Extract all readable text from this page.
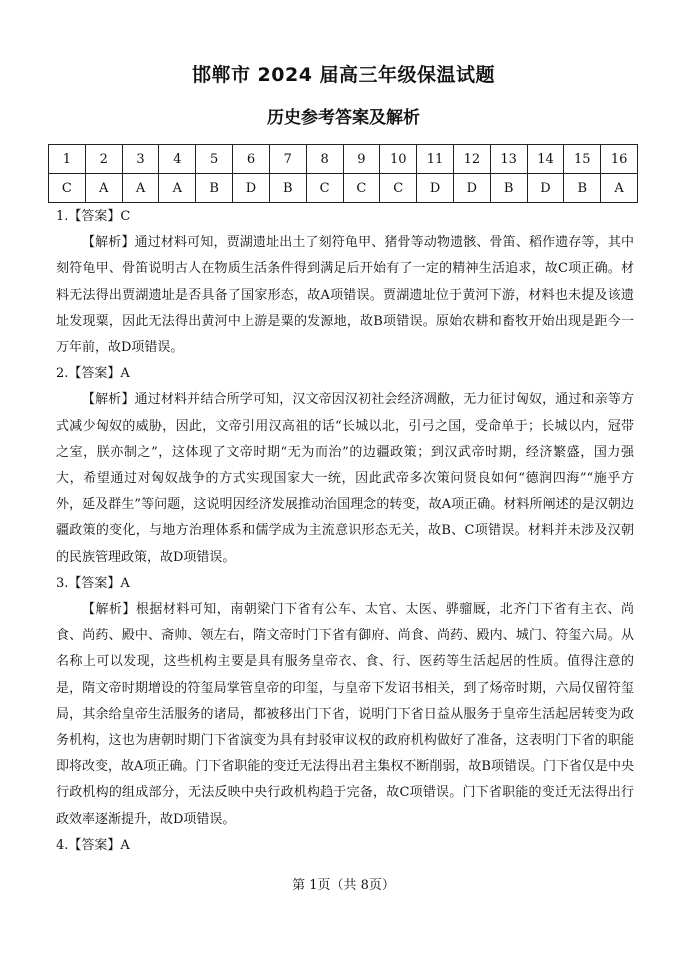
邯郸市 2024 届高三年级保温试题
历史参考答案及解析
1	2	3	4	5	6	7	8	9	10	11	12	13	14	15	16
C	A	A	A	B	D	B	C	C	C	D	D	B	D	B	A

1.【答案】C

【解析】通过材料可知，贾湖遗址出土了刻符龟甲、猪骨等动物遗骸、骨笛、稻作遗存等，其中刻符龟甲、骨笛说明古人在物质生活条件得到满足后开始有了一定的精神生活追求，故C项正确。材料无法得出贾湖遗址是否具备了国家形态，故A项错误。贾湖遗址位于黄河下游，材料也未提及该遗址发现粟，因此无法得出黄河中上游是粟的发源地，故B项错误。原始农耕和畜牧开始出现是距今一万年前，故D项错误。

2.【答案】A

【解析】通过材料并结合所学可知，汉文帝因汉初社会经济凋敝，无力征讨匈奴，通过和亲等方式减少匈奴的威胁，因此，文帝引用汉高祖的话“长城以北，引弓之国，受命单于；长城以内，冠带之室，朕亦制之”，这体现了文帝时期“无为而治”的边疆政策；到汉武帝时期，经济繁盛，国力强大，希望通过对匈奴战争的方式实现国家大一统，因此武帝多次策问贤良如何“德润四海”“施乎方外，延及群生”等问题，这说明因经济发展推动治国理念的转变，故A项正确。材料所阐述的是汉朝边疆政策的变化，与地方治理体系和儒学成为主流意识形态无关，故B、C项错误。材料并未涉及汉朝的民族管理政策，故D项错误。

3.【答案】A

【解析】根据材料可知，南朝梁门下省有公车、太官、太医、骅骝厩，北齐门下省有主衣、尚食、尚药、殿中、斋帅、领左右，隋文帝时门下省有御府、尚食、尚药、殿内、城门、符玺六局。从名称上可以发现，这些机构主要是具有服务皇帝衣、食、行、医药等生活起居的性质。值得注意的是，隋文帝时期增设的符玺局掌管皇帝的印玺，与皇帝下发诏书相关，到了炀帝时期，六局仅留符玺局，其余给皇帝生活服务的诸局，都被移出门下省，说明门下省日益从服务于皇帝生活起居转变为政务机构，这也为唐朝时期门下省演变为具有封驳审议权的政府机构做好了准备，这表明门下省的职能即将改变，故A项正确。门下省职能的变迁无法得出君主集权不断削弱，故B项错误。门下省仅是中央行政机构的组成部分，无法反映中央行政机构趋于完备，故C项错误。门下省职能的变迁无法得出行政效率逐渐提升，故D项错误。

4.【答案】A

第 1页（共 8页）
